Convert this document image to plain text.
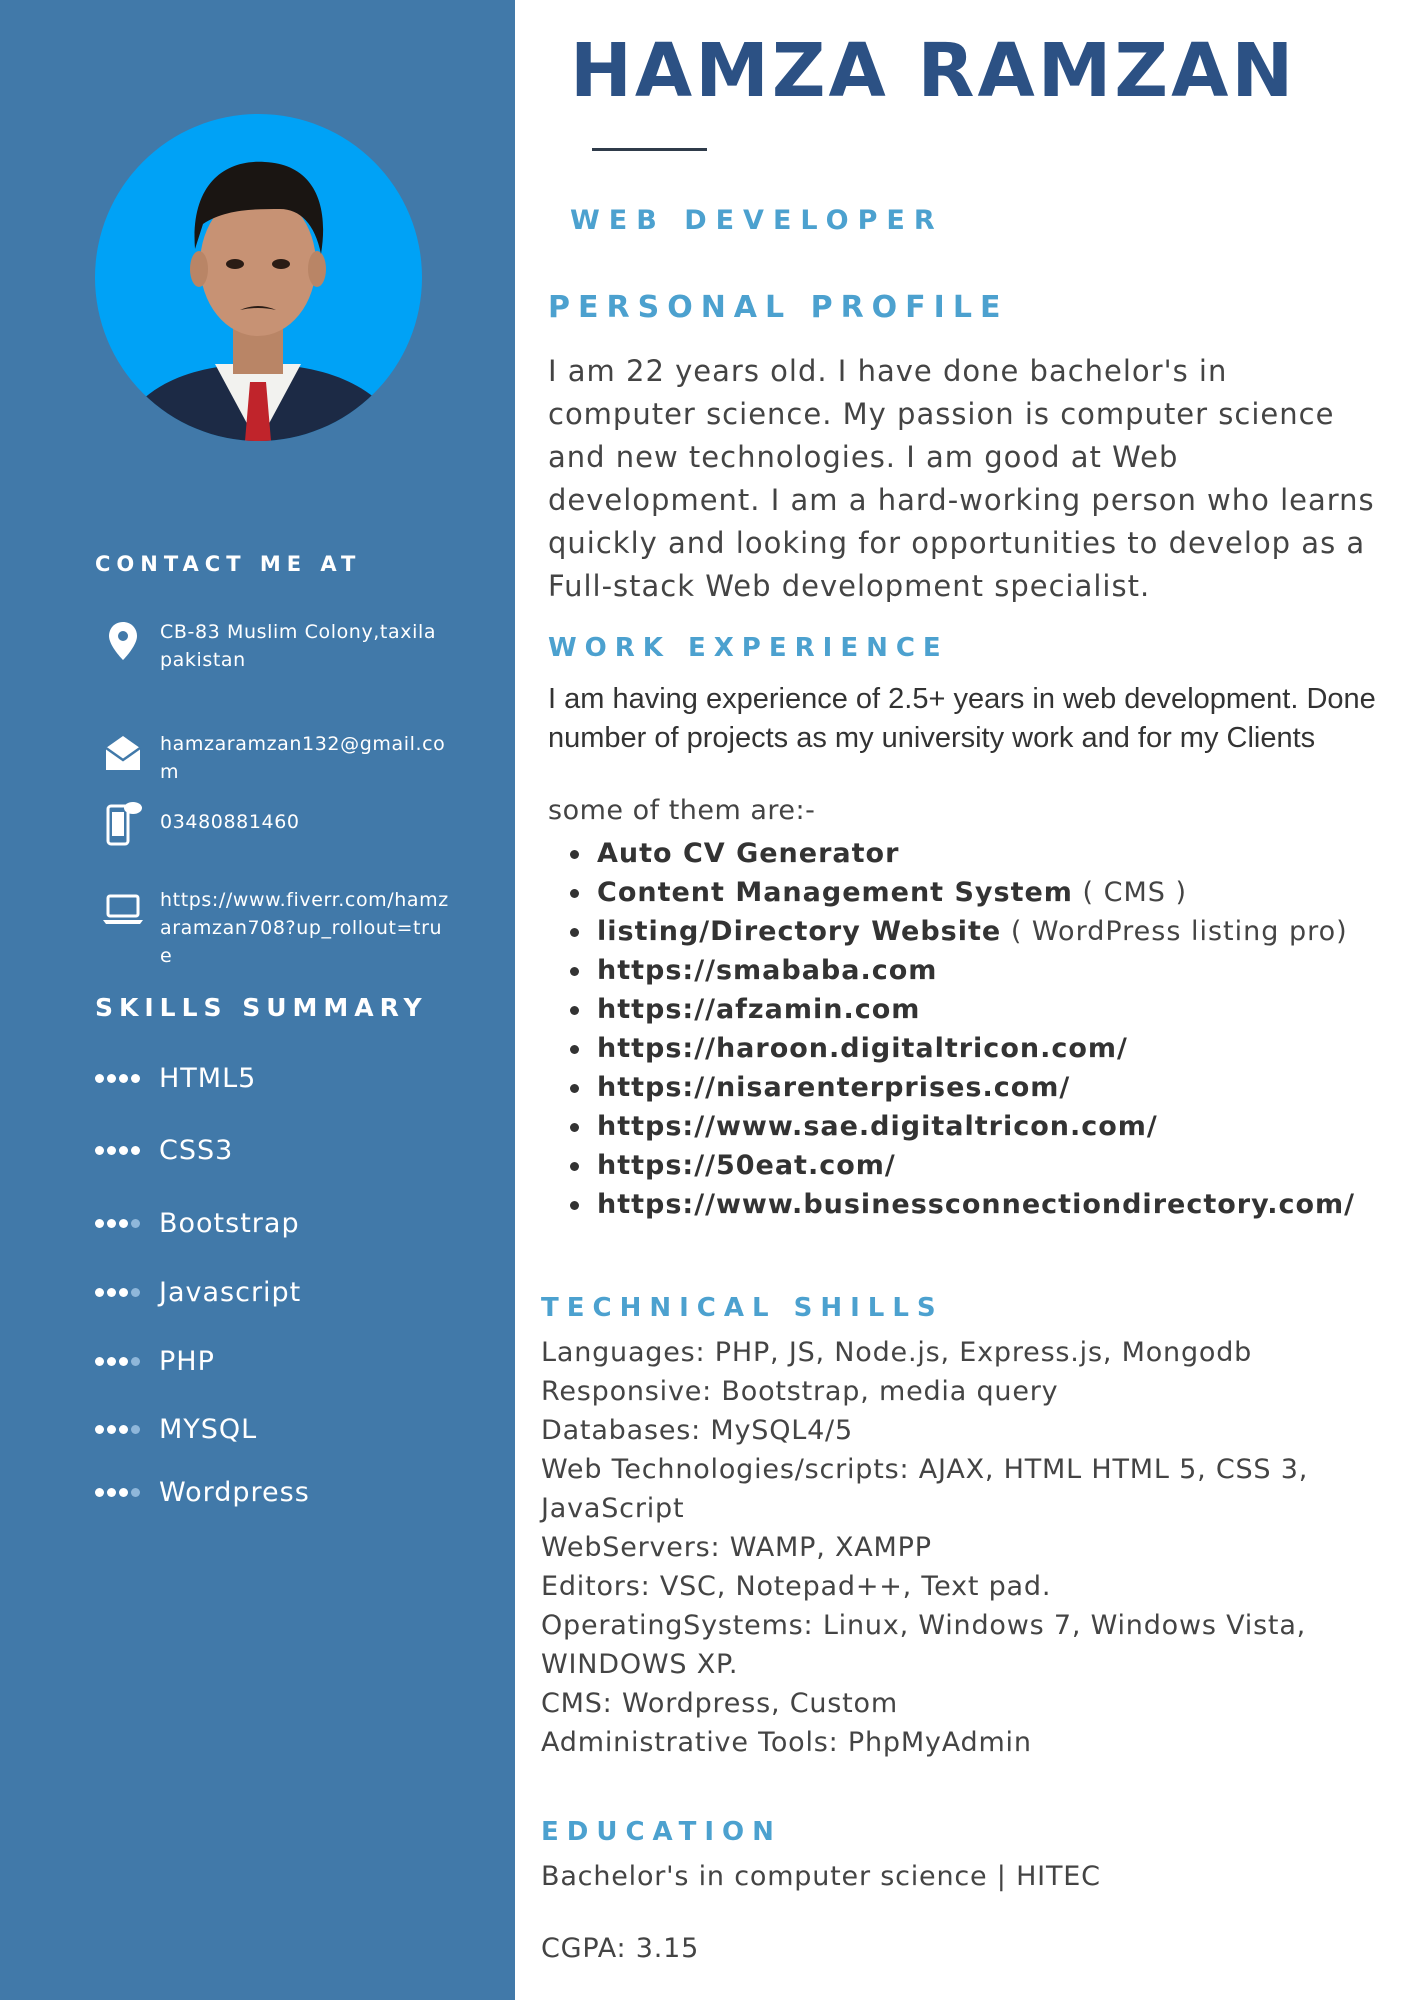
CONTACT ME AT
CB-83 Muslim Colony,taxila pakistan
hamzaramzan132@gmail.com
03480881460
https://www.fiverr.com/hamzaramzan708?up_rollout=true
SKILLS SUMMARY
HTML5
CSS3
Bootstrap
Javascript
PHP
MYSQL
Wordpress
HAMZA RAMZAN
WEB DEVELOPER
PERSONAL PROFILE
I am 22 years old. I have done bachelor's in computer science. My passion is computer science and new technologies. I am good at Web development. I am a hard-working person who learns quickly and looking for opportunities to develop as a Full-stack Web development specialist.
WORK EXPERIENCE
I am having experience of 2.5+ years in web development. Done number of projects as my university work and for my Clients
some of them are:-
Auto CV Generator
Content Management System ( CMS )
listing/Directory Website ( WordPress listing pro)
https://smababa.com
https://afzamin.com
https://haroon.digitaltricon.com/
https://nisarenterprises.com/
https://www.sae.digitaltricon.com/
https://50eat.com/
https://www.businessconnectiondirectory.com/
TECHNICAL SHILLS
Languages: PHP, JS, Node.js, Express.js, Mongodb
Responsive: Bootstrap, media query
Databases: MySQL4/5
Web Technologies/scripts: AJAX, HTML HTML 5, CSS 3, JavaScript
WebServers: WAMP, XAMPP
Editors: VSC, Notepad++, Text pad.
OperatingSystems: Linux, Windows 7, Windows Vista, WINDOWS XP.
CMS: Wordpress, Custom
Administrative Tools: PhpMyAdmin
EDUCATION
Bachelor's in computer science | HITEC
CGPA: 3.15
